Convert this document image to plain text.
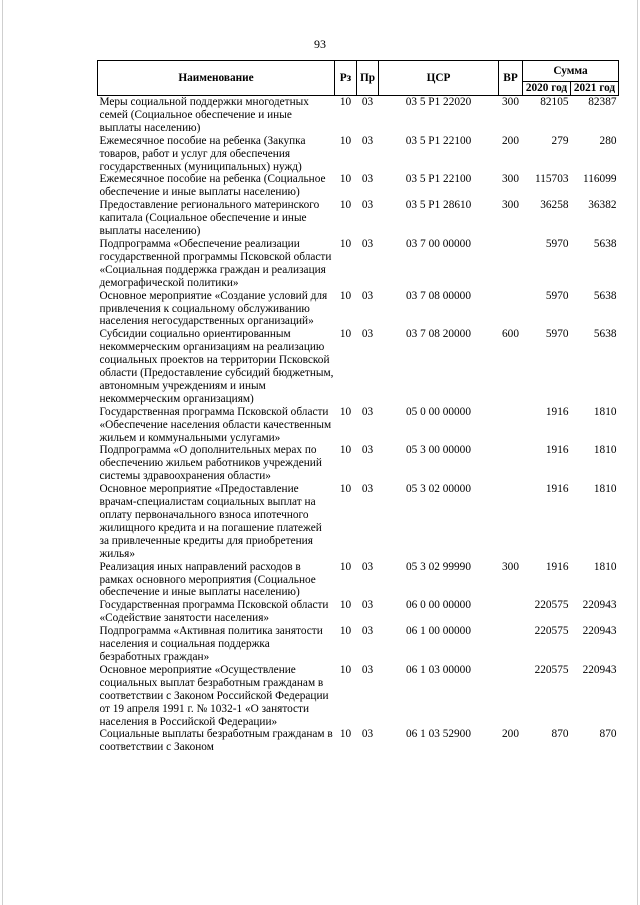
93
Наименование	Рз	Пр	ЦСР	ВР	Сумма	
					2020 год	2021 год
Меры социальной поддержки многодетных семей (Социальное обеспечение и иные выплаты населению)	10	03	03 5 Р1 22020	300	82105	82387
Ежемесячное пособие на ребенка (Закупка товаров, работ и услуг для обеспечения государственных (муниципальных) нужд)	10	03	03 5 Р1 22100	200	279	280
Ежемесячное пособие на ребенка (Социальное обеспечение и иные выплаты населению)	10	03	03 5 Р1 22100	300	115703	116099
Предоставление регионального материнского капитала (Социальное обеспечение и иные выплаты населению)	10	03	03 5 Р1 28610	300	36258	36382
Подпрограмма «Обеспечение реализации государственной программы Псковской области «Социальная поддержка граждан и реализация демографической политики»	10	03	03 7 00 00000		5970	5638
Основное мероприятие «Создание условий для привлечения к социальному обслуживанию населения негосударственных организаций»	10	03	03 7 08 00000		5970	5638
Субсидии социально ориентированным некоммерческим организациям на реализацию социальных проектов на территории Псковской области (Предоставление субсидий бюджетным, автономным учреждениям и иным некоммерческим организациям)	10	03	03 7 08 20000	600	5970	5638
Государственная программа Псковской области «Обеспечение населения области качественным жильем и коммунальными услугами»	10	03	05 0 00 00000		1916	1810
Подпрограмма «О дополнительных мерах по обеспечению жильем работников учреждений системы здравоохранения области»	10	03	05 3 00 00000		1916	1810
Основное мероприятие «Предоставление врачам-специалистам социальных выплат на оплату первоначального взноса ипотечного жилищного кредита и на погашение платежей за привлеченные кредиты для приобретения жилья»	10	03	05 3 02 00000		1916	1810
Реализация иных направлений расходов в рамках основного мероприятия (Социальное обеспечение и иные выплаты населению)	10	03	05 3 02 99990	300	1916	1810
Государственная программа Псковской области «Содействие занятости населения»	10	03	06 0 00 00000		220575	220943
Подпрограмма «Активная политика занятости населения и социальная поддержка безработных граждан»	10	03	06 1 00 00000		220575	220943
Основное мероприятие «Осуществление социальных выплат безработным гражданам в соответствии с Законом Российской Федерации от 19 апреля 1991 г. № 1032-1 «О занятости населения в Российской Федерации»	10	03	06 1 03 00000		220575	220943
Социальные выплаты безработным гражданам в соответствии с Законом	10	03	06 1 03 52900	200	870	870
